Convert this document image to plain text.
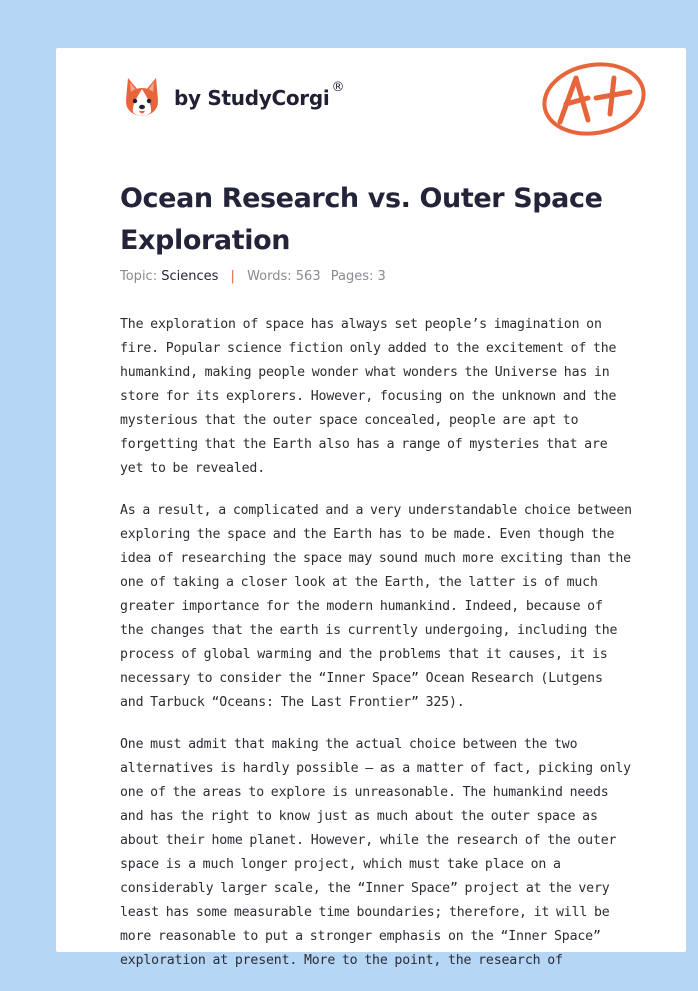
by StudyCorgi ®
Ocean Research vs. Outer Space Exploration
Topic: Sciences | Words: 563 Pages: 3

The exploration of space has always set people’s imagination on fire. Popular science fiction only added to the excitement of the humankind, making people wonder what wonders the Universe has in store for its explorers. However, focusing on the unknown and the mysterious that the outer space concealed, people are apt to forgetting that the Earth also has a range of mysteries that are yet to be revealed.

As a result, a complicated and a very understandable choice between exploring the space and the Earth has to be made. Even though the idea of researching the space may sound much more exciting than the one of taking a closer look at the Earth, the latter is of much greater importance for the modern humankind. Indeed, because of the changes that the earth is currently undergoing, including the process of global warming and the problems that it causes, it is necessary to consider the “Inner Space” Ocean Research (Lutgens and Tarbuck “Oceans: The Last Frontier” 325).

One must admit that making the actual choice between the two alternatives is hardly possible – as a matter of fact, picking only one of the areas to explore is unreasonable. The humankind needs and has the right to know just as much about the outer space as about their home planet. However, while the research of the outer space is a much longer project, which must take place on a considerably larger scale, the “Inner Space” project at the very least has some measurable time boundaries; therefore, it will be more reasonable to put a stronger emphasis on the “Inner Space” exploration at present. More to the point, the research of
